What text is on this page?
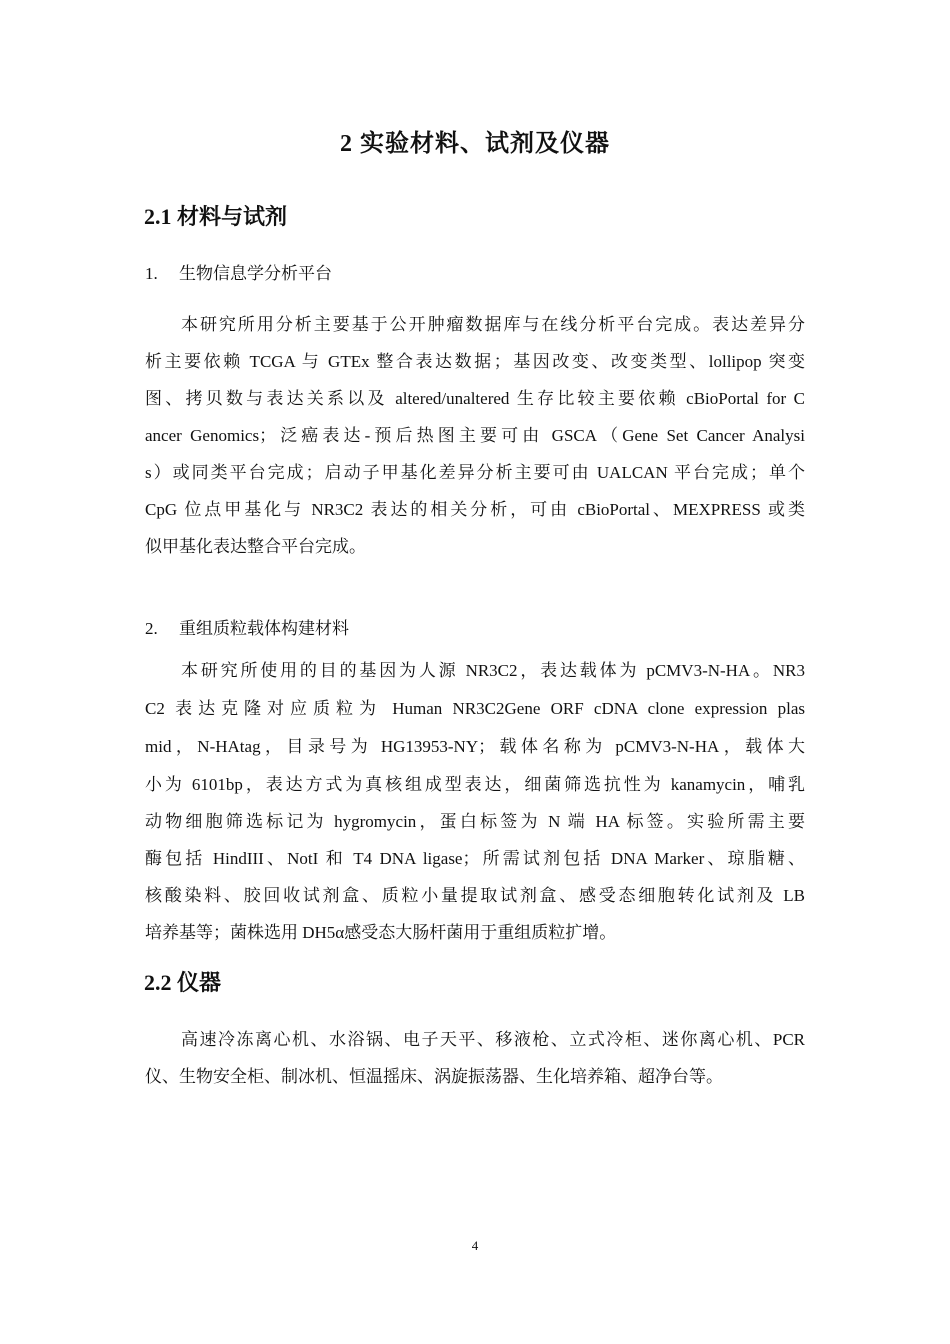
2 实验材料、试剂及仪器
2.1 材料与试剂
1. 生物信息学分析平台
本研究所用分析主要基于公开肿瘤数据库与在线分析平台完成。表达差异分
析主要依赖 TCGA 与 GTEx 整合表达数据；基因改变、改变类型、lollipop 突变
图、拷贝数与表达关系以及 altered/unaltered 生存比较主要依赖 cBioPortal for C
ancer Genomics；泛癌表达-预后热图主要可由 GSCA（Gene Set Cancer Analysi
s）或同类平台完成；启动子甲基化差异分析主要可由 UALCAN 平台完成；单个
CpG 位点甲基化与 NR3C2 表达的相关分析，可由 cBioPortal、MEXPRESS 或类
似甲基化表达整合平台完成。
2. 重组质粒载体构建材料
本研究所使用的目的基因为人源 NR3C2，表达载体为 pCMV3-N-HA。NR3
C2 表达克隆对应质粒为 Human NR3C2Gene ORF cDNA clone expression plas
mid，N-HAtag，目录号为 HG13953-NY；载体名称为 pCMV3-N-HA，载体大
小为 6101bp，表达方式为真核组成型表达，细菌筛选抗性为 kanamycin，哺乳
动物细胞筛选标记为 hygromycin，蛋白标签为 N 端 HA 标签。实验所需主要
酶包括 HindIII、NotI 和 T4 DNA ligase；所需试剂包括 DNA Marker、琼脂糖、
核酸染料、胶回收试剂盒、质粒小量提取试剂盒、感受态细胞转化试剂及 LB
培养基等；菌株选用 DH5α感受态大肠杆菌用于重组质粒扩增。
2.2 仪器
高速冷冻离心机、水浴锅、电子天平、移液枪、立式冷柜、迷你离心机、PCR
仪、生物安全柜、制冰机、恒温摇床、涡旋振荡器、生化培养箱、超净台等。
4
